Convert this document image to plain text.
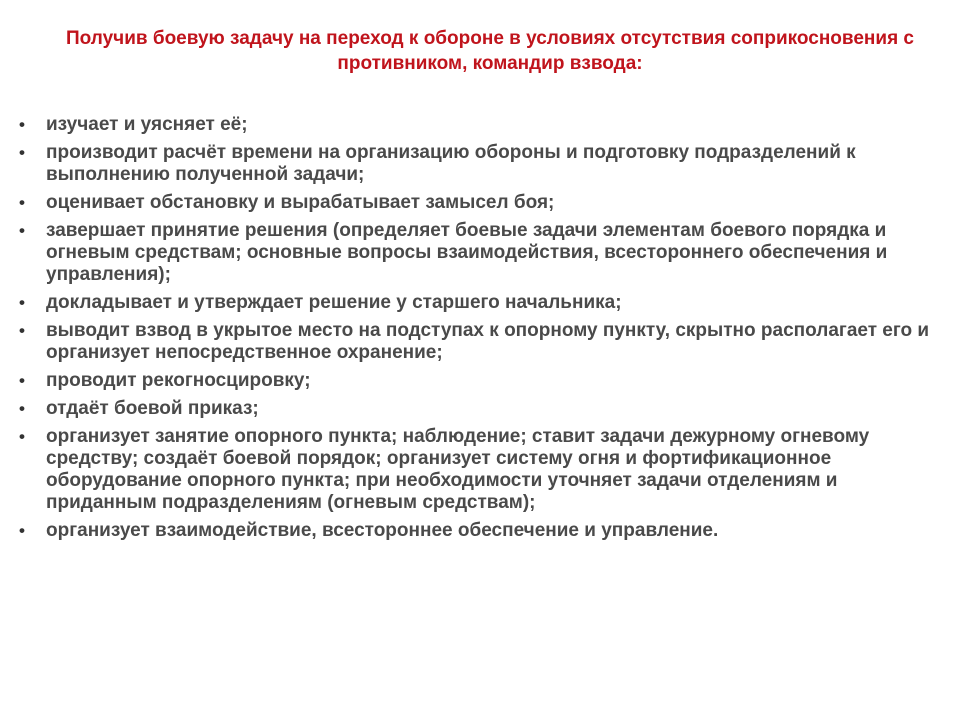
Получив боевую задачу на переход к обороне в условиях отсутствия соприкосновения с противником, командир взвода:

•	изучает и уясняет её;
•	производит расчёт времени на организацию обороны и подготовку подразделений к выполнению полученной задачи;
•	оценивает обстановку и вырабатывает замысел боя;
•	завершает принятие решения (определяет боевые задачи элементам боевого порядка и огневым средствам; основные вопросы взаимодействия, всестороннего обеспечения и управления);
•	докладывает и утверждает решение у старшего начальника;
•	выводит взвод в укрытое место на подступах к опорному пункту, скрытно располагает его и организует непосредственное охранение;
•	проводит рекогносцировку;
•	отдаёт боевой приказ;
•	организует занятие опорного пункта; наблюдение; ставит задачи дежурному огневому средству; создаёт боевой порядок; организует систему огня и фортификационное оборудование опорного пункта; при необходимости уточняет задачи отделениям и приданным подразделениям (огневым средствам);
•	организует взаимодействие, всестороннее обеспечение и управление.
